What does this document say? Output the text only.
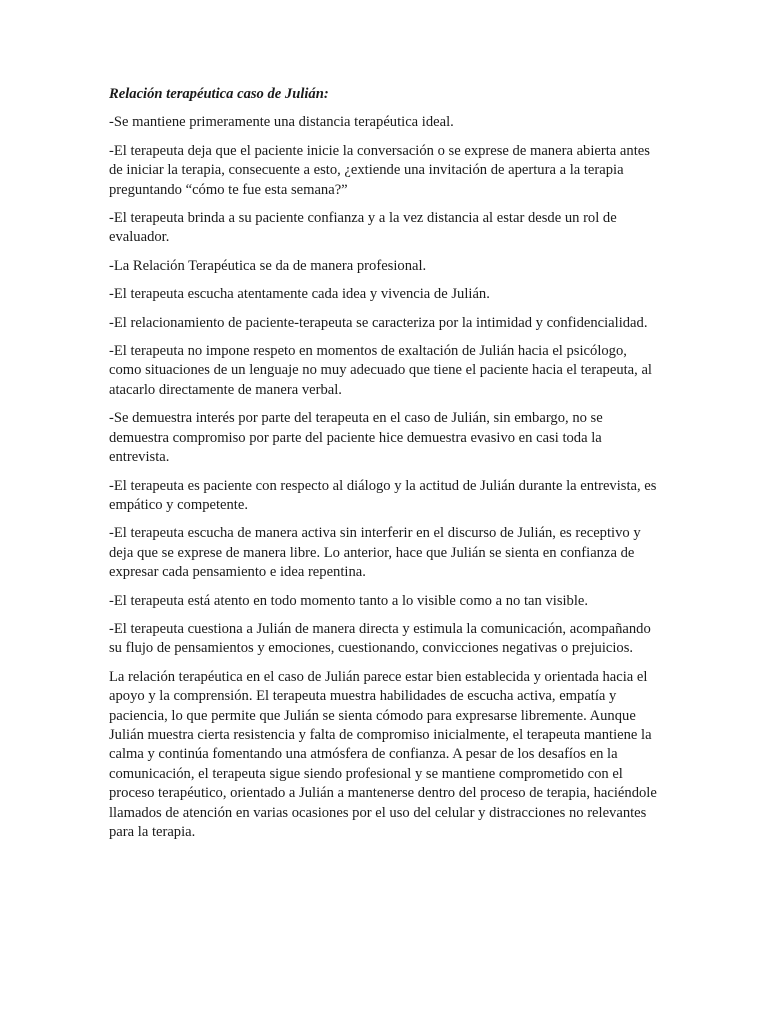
Relación terapéutica caso de Julián:

-Se mantiene primeramente una distancia terapéutica ideal.

-El terapeuta deja que el paciente inicie la conversación o se exprese de manera abierta antes de iniciar la terapia, consecuente a esto, ¿extiende una invitación de apertura a la terapia preguntando “cómo te fue esta semana?”

-El terapeuta brinda a su paciente confianza y a la vez distancia al estar desde un rol de evaluador.

-La Relación Terapéutica se da de manera profesional.

-El terapeuta escucha atentamente cada idea y vivencia de Julián.

-El relacionamiento de paciente-terapeuta se caracteriza por la intimidad y confidencialidad.

-El terapeuta no impone respeto en momentos de exaltación de Julián hacia el psicólogo, como situaciones de un lenguaje no muy adecuado que tiene el paciente hacia el terapeuta, al atacarlo directamente de manera verbal.

-Se demuestra interés por parte del terapeuta en el caso de Julián, sin embargo, no se demuestra compromiso por parte del paciente hice demuestra evasivo en casi toda la entrevista.

-El terapeuta es paciente con respecto al diálogo y la actitud de Julián durante la entrevista, es empático y competente.

-El terapeuta escucha de manera activa sin interferir en el discurso de Julián, es receptivo y deja que se exprese de manera libre. Lo anterior, hace que Julián se sienta en confianza de expresar cada pensamiento e idea repentina.

-El terapeuta está atento en todo momento tanto a lo visible como a no tan visible.

-El terapeuta cuestiona a Julián de manera directa y estimula la comunicación, acompañando su flujo de pensamientos y emociones, cuestionando, convicciones negativas o prejuicios.

La relación terapéutica en el caso de Julián parece estar bien establecida y orientada hacia el apoyo y la comprensión. El terapeuta muestra habilidades de escucha activa, empatía y paciencia, lo que permite que Julián se sienta cómodo para expresarse libremente. Aunque Julián muestra cierta resistencia y falta de compromiso inicialmente, el terapeuta mantiene la calma y continúa fomentando una atmósfera de confianza. A pesar de los desafíos en la comunicación, el terapeuta sigue siendo profesional y se mantiene comprometido con el proceso terapéutico, orientado a Julián a mantenerse dentro del proceso de terapia, haciéndole llamados de atención en varias ocasiones por el uso del celular y distracciones no relevantes para la terapia.
